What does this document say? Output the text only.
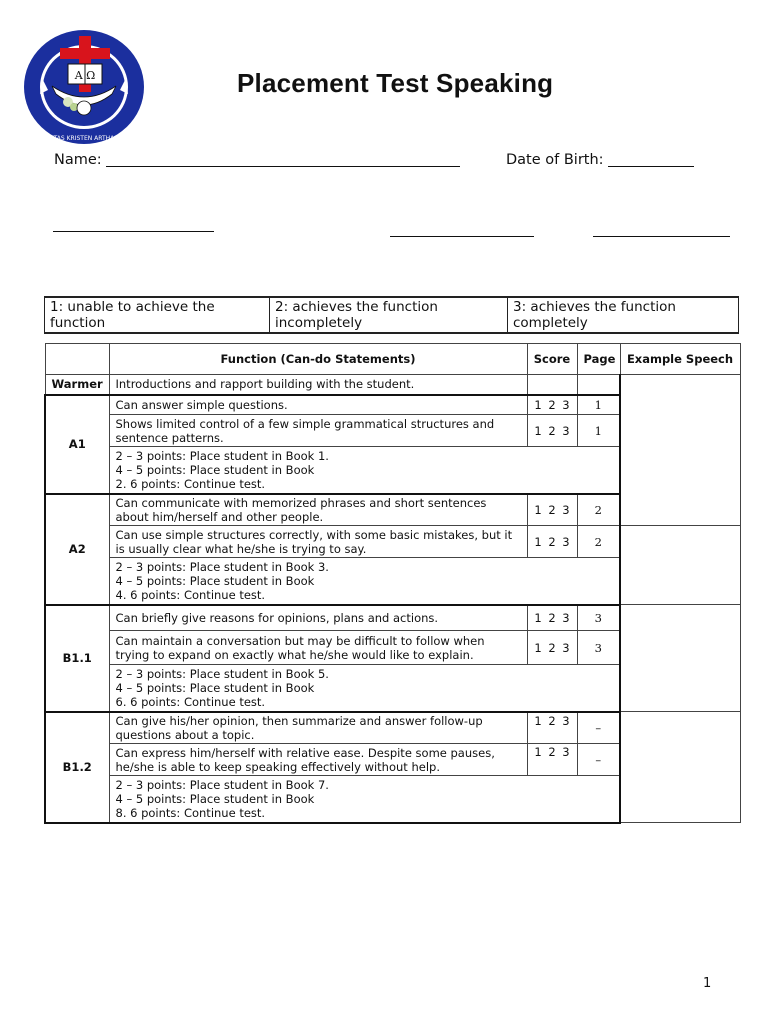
A Ω
UNIVERSITAS KRISTEN ARTHA WACANA
Placement Test Speaking
Name:	Date of Birth:
1: unable to achieve the function	2: achieves the function incompletely	3: achieves the function completely
	Function (Can-do Statements)	Score	Page	Example Speech	
Warmer	Introductions and rapport building with the student.				
A1	Can answer simple questions.	1 2 3	1		
	Shows limited control of a few simple grammatical structures and sentence patterns.	1 2 3	1		

	2 – 3 points: Place student in Book 1.
4 – 5 points: Place student in Book
2. 6 points: Continue test.				

A2	Can communicate with memorized phrases and short sentences about him/herself and other people.	1 2 3	2		
	Can use simple structures correctly, with some basic mistakes, but it is usually clear what he/she is trying to say.	1 2 3	2		

	2 – 3 points: Place student in Book 3.
4 – 5 points: Place student in Book
4. 6 points: Continue test.				

B1.1	Can briefly give reasons for opinions, plans and actions.	1 2 3	3		
	Can maintain a conversation but may be difficult to follow when trying to expand on exactly what he/she would like to explain.	1 2 3	3		

	2 – 3 points: Place student in Book 5.
4 – 5 points: Place student in Book
6. 6 points: Continue test.				

B1.2	Can give his/her opinion, then summarize and answer follow-up questions about a topic.	1 2 3	–		
	Can express him/herself with relative ease. Despite some pauses, he/she is able to keep speaking effectively without help.	1 2 3	–		

	2 – 3 points: Place student in Book 7.
4 – 5 points: Place student in Book
8. 6 points: Continue test.				
1
